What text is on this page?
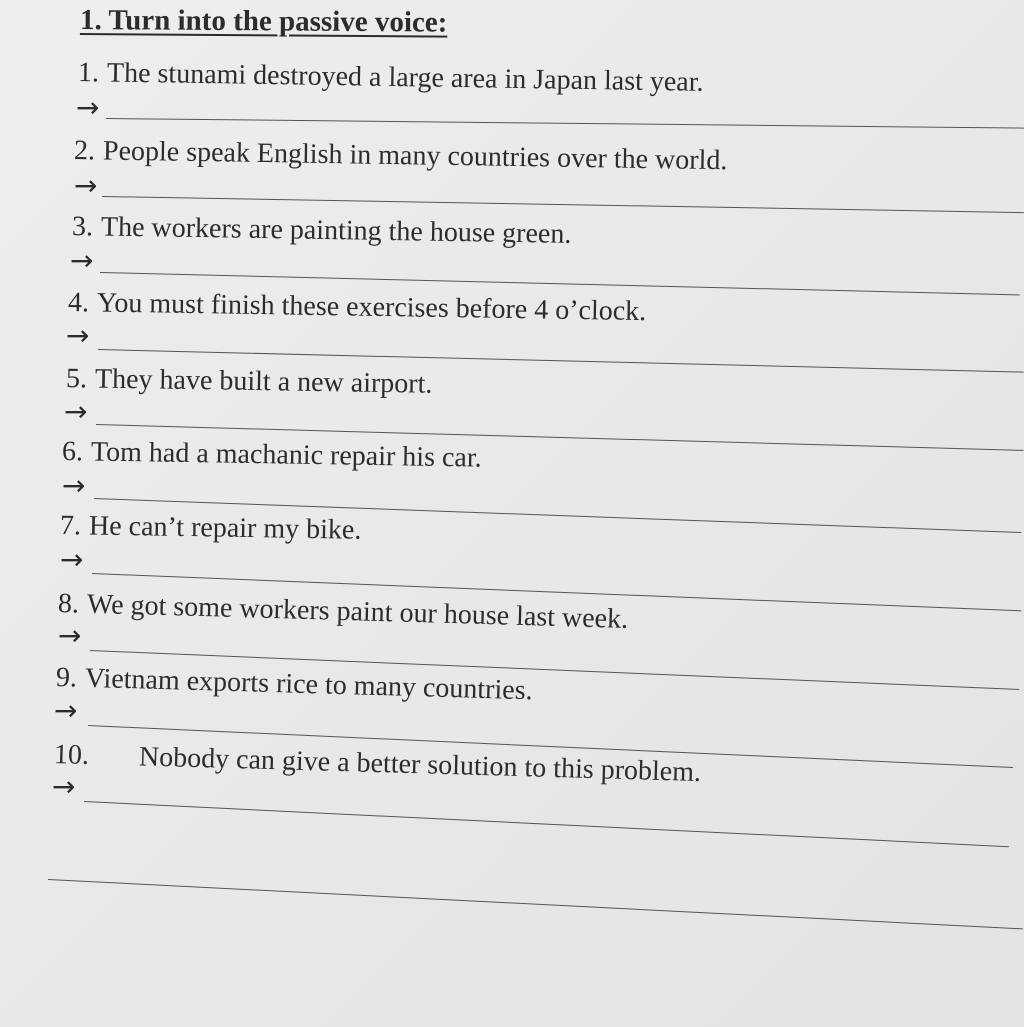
1. Turn into the passive voice:
1. The stunami destroyed a large area in Japan last year.
→
2. People speak English in many countries over the world.
→
3. The workers are painting the house green.
→
4. You must finish these exercises before 4 o’clock.
→
5. They have built a new airport.
→
6. Tom had a machanic repair his car.
→
7. He can’t repair my bike.
→
8. We got some workers paint our house last week.
→
9. Vietnam exports rice to many countries.
→
10. Nobody can give a better solution to this problem.
→
